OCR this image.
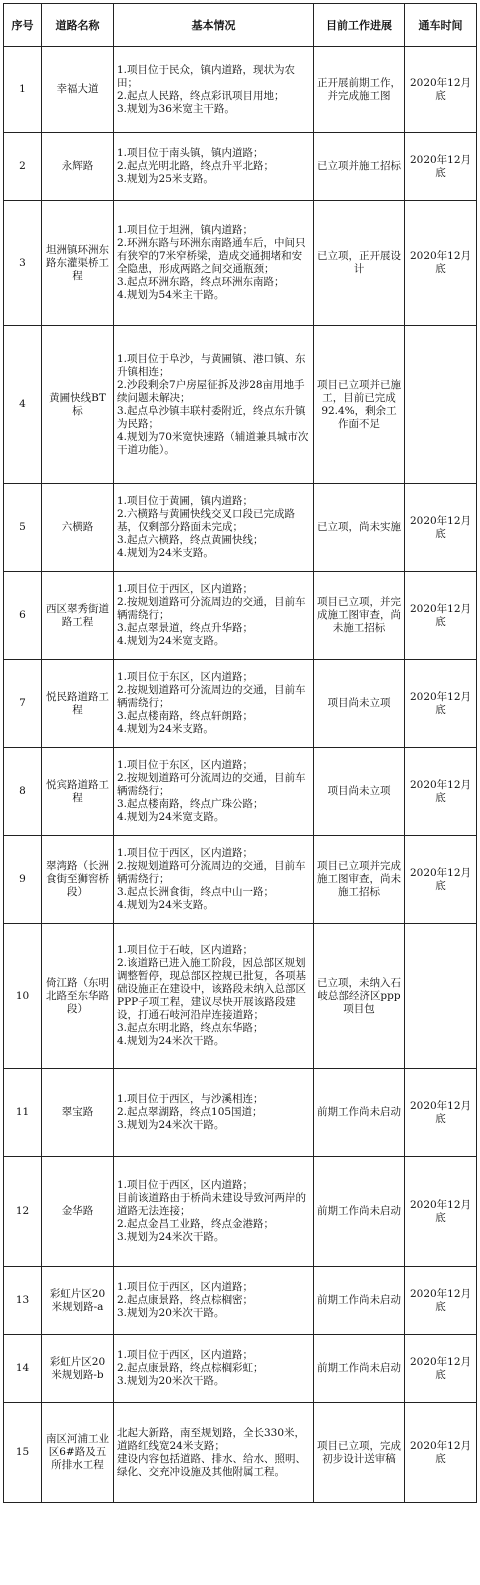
序号	道路名称	基本情况	目前工作进展	通车时间
1	幸福大道	1.项目位于民众，镇内道路，现状为农田；
2.起点人民路，终点彩讯项目用地；
3.规划为36米宽主干路。	正开展前期工作，并完成施工图	2020年12月底
2	永辉路	1.项目位于南头镇，镇内道路；
2.起点光明北路，终点升平北路；
3.规划为25米支路。	已立项并施工招标	2020年12月底
3	坦洲镇环洲东路东灌渠桥工程	1.项目位于坦洲，镇内道路；
2.环洲东路与环洲东南路通车后，中间只有狭窄的7米窄桥梁，造成交通拥堵和安全隐患，形成两路之间交通瓶颈；
3.起点环洲东路，终点环洲东南路；
4.规划为54米主干路。	已立项，正开展设计	2020年12月底
4	黄圃快线BT标	1.项目位于阜沙，与黄圃镇、港口镇、东升镇相连；
2.沙段剩余7户房屋征拆及涉28亩用地手续问题未解决；
3.起点阜沙镇丰联村委附近，终点东升镇为民路；
4.规划为70米宽快速路（辅道兼具城市次干道功能）。	项目已立项并已施工，目前已完成92.4%，剩余工作面不足	
5	六横路	1.项目位于黄圃，镇内道路；
2.六横路与黄圃快线交叉口段已完成路基，仅剩部分路面未完成；
3.起点六横路，终点黄圃快线；
4.规划为24米支路。	已立项，尚未实施	2020年12月底
6	西区翠秀街道路工程	1.项目位于西区，区内道路；
2.按规划道路可分流周边的交通，目前车辆需绕行；
3.起点翠景道，终点升华路；
4.规划为24米宽支路。	项目已立项，并完成施工图审查，尚未施工招标	2020年12月底
7	悦民路道路工程	1.项目位于东区，区内道路；
2.按规划道路可分流周边的交通，目前车辆需绕行；
3.起点楼南路，终点轩朗路；
4.规划为24米支路。	项目尚未立项	2020年12月底
8	悦宾路道路工程	1.项目位于东区，区内道路；
2.按规划道路可分流周边的交通，目前车辆需绕行；
3.起点楼南路，终点广珠公路；
4.规划为24米宽支路。	项目尚未立项	2020年12月底
9	翠湾路（长洲食街至狮窖桥段）	1.项目位于西区，区内道路；
2.按规划道路可分流周边的交通，目前车辆需绕行；
3.起点长洲食街，终点中山一路；
4.规划为24米支路。	项目已立项并完成施工图审查，尚未施工招标	2020年12月底
10	倚江路（东明北路至东华路段）	1.项目位于石岐，区内道路；
2.该道路已进入施工阶段，因总部区规划调整暂停，现总部区控规已批复，各项基础设施正在建设中，该路段未纳入总部区PPP子项工程，建议尽快开展该路段建设，打通石岐河沿岸连接道路；
3.起点东明北路，终点东华路；
4.规划为24米次干路。	已立项，未纳入石岐总部经济区ppp项目包	
11	翠宝路	1.项目位于西区，与沙溪相连；
2.起点翠湖路，终点105国道；
3.规划为24米次干路。	前期工作尚未启动	2020年12月底
12	金华路	1.项目位于西区，区内道路；
目前该道路由于桥尚未建设导致河两岸的道路无法连接；
2.起点金昌工业路，终点金港路；
3.规划为24米次干路。	前期工作尚未启动	2020年12月底
13	彩虹片区20米规划路-a	1.项目位于西区，区内道路；
2.起点康景路，终点棕榈密；
3.规划为20米次干路。	前期工作尚未启动	2020年12月底
14	彩虹片区20米规划路-b	1.项目位于西区，区内道路；
2.起点康景路，终点棕榈彩虹；
3.规划为20米次干路。	前期工作尚未启动	2020年12月底
15	南区河浦工业区6#路及五所排水工程	北起大新路，南至规划路，全长330米，道路红线宽24米支路；
建设内容包括道路、排水、给水、照明、绿化、交充冲设施及其他附属工程。	项目已立项，完成初步设计送审稿	2020年12月底
